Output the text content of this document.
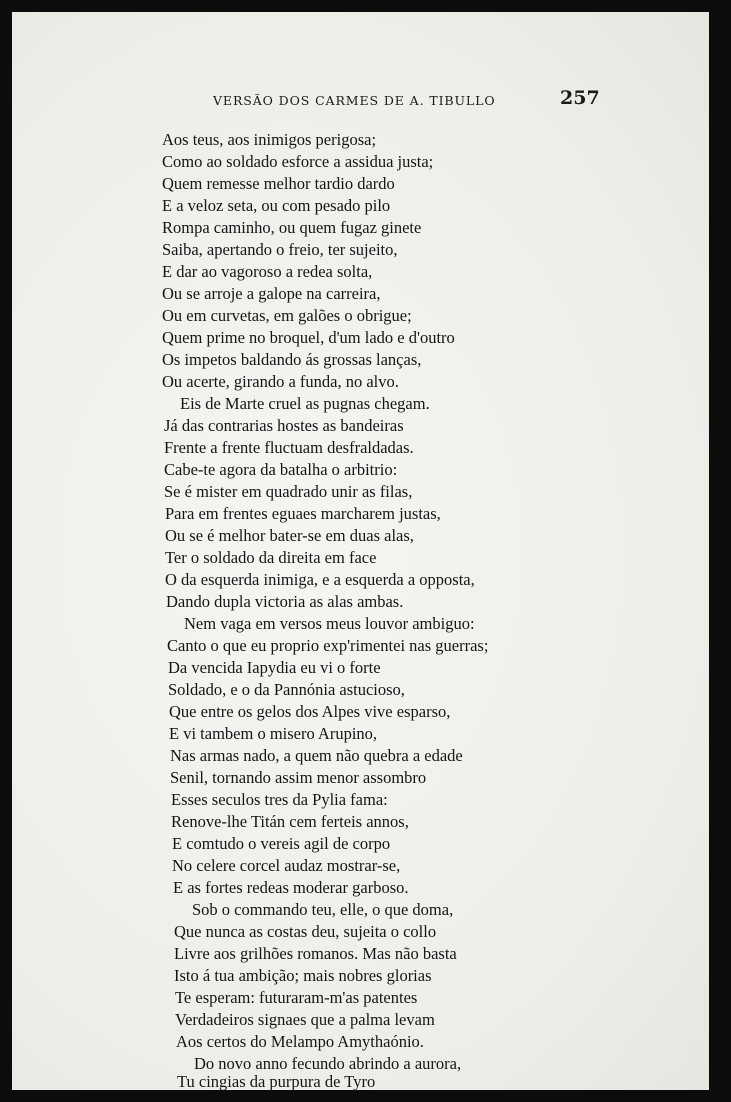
VERSÃO DOS CARMES DE A. TIBULLO	257
Aos teus, aos inimigos perigosa;
Como ao soldado esforce a assidua justa;
Quem remesse melhor tardio dardo
E a veloz seta, ou com pesado pilo
Rompa caminho, ou quem fugaz ginete
Saiba, apertando o freio, ter sujeito,
E dar ao vagoroso a redea solta,
Ou se arroje a galope na carreira,
Ou em curvetas, em galões o obrigue;
Quem prime no broquel, d'um lado e d'outro
Os impetos baldando ás grossas lanças,
Ou acerte, girando a funda, no alvo.
Eis de Marte cruel as pugnas chegam.
Já das contrarias hostes as bandeiras
Frente a frente fluctuam desfraldadas.
Cabe-te agora da batalha o arbitrio:
Se é mister em quadrado unir as filas,
Para em frentes eguaes marcharem justas,
Ou se é melhor bater-se em duas alas,
Ter o soldado da direita em face
O da esquerda inimiga, e a esquerda a opposta,
Dando dupla victoria as alas ambas.
Nem vaga em versos meus louvor ambiguo:
Canto o que eu proprio exp'rimentei nas guerras;
Da vencida Iapydia eu vi o forte
Soldado, e o da Pannónia astucioso,
Que entre os gelos dos Alpes vive esparso,
E vi tambem o misero Arupino,
Nas armas nado, a quem não quebra a edade
Senil, tornando assim menor assombro
Esses seculos tres da Pylia fama:
Renove-lhe Titán cem ferteis annos,
E comtudo o vereis agil de corpo
No celere corcel audaz mostrar-se,
E as fortes redeas moderar garboso.
Sob o commando teu, elle, o que doma,
Que nunca as costas deu, sujeita o collo
Livre aos grilhões romanos. Mas não basta
Isto á tua ambição; mais nobres glorias
Te esperam: futuraram-m'as patentes
Verdadeiros signaes que a palma levam
Aos certos do Melampo Amythaónio.
Do novo anno fecundo abrindo a aurora,
Tu cingias da purpura de Tyro
